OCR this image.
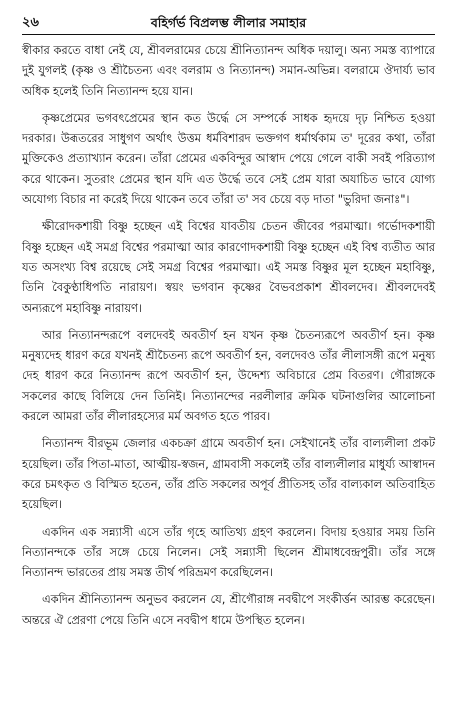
২৬	বহির্গর্ভ বিপ্রলম্ভ লীলার সমাহার

স্বীকার করতে বাধা নেই যে, শ্রীবলরামের চেয়ে শ্রীনিত্যানন্দ অধিক দয়ালু। অন্য সমস্ত ব্যাপারে দুই যুগলই (কৃষ্ণ ও শ্রীচৈতন্য এবং বলরাম ও নিত্যানন্দ) সমান-অভিন্ন। বলরামে ঔদার্য্য ভাব অধিক হলেই তিনি নিত্যানন্দ হয়ে যান।

কৃষ্ণপ্রেমের ভগবৎপ্রেমের স্থান কত উর্দ্ধে সে সম্পর্কে সাধক হৃদয়ে দৃঢ় নিশ্চিত হওয়া দরকার। উৰূতরের সাধুগণ অর্থাৎ উত্তম ধর্মবিশারদ ভক্তগণ ধর্মার্থকাম ত' দূরের কথা, তাঁরা মুক্তিকেও প্রত্যাখ্যান করেন। তাঁরা প্রেমের একবিন্দুর আস্বাদ পেয়ে গেলে বাকী সবই পরিত্যাগ করে থাকেন। সুতরাং প্রেমের স্থান যদি এত উর্দ্ধে তবে সেই প্রেম যারা অযাচিত ভাবে যোগ্য অযোগ্য বিচার না করেই দিয়ে থাকেন তবে তাঁরা ত' সব চেয়ে বড় দাতা "ভুরিদা জনাঃ"।

ক্ষীরোদকশায়ী বিষ্ণু হচ্ছেন এই বিশ্বের যাবতীয় চেতন জীবের পরমাত্মা। গর্ভোদকশায়ী বিষ্ণু হচ্ছেন এই সমগ্র বিশ্বের পরমাত্মা আর কারণোদকশায়ী বিষ্ণু হচ্ছেন এই বিশ্ব ব্যতীত আর যত অসংখ্য বিশ্ব রয়েছে সেই সমগ্র বিশ্বের পরমাত্মা। এই সমস্ত বিষ্ণুর মূল হচ্ছেন মহাবিষ্ণু, তিনি বৈকুণ্ঠাধিপতি নারায়ণ। স্বয়ং ভগবান কৃষ্ণের বৈভবপ্রকাশ শ্রীবলদেব। শ্রীবলদেবই অন্যরূপে মহাবিষ্ণু নারায়ণ।

আর নিত্যানন্দরূপে বলদেবই অবতীর্ণ হন যখন কৃষ্ণ চৈতন্যরূপে অবতীর্ণ হন। কৃষ্ণ মনুষ্যদেহ ধারণ করে যখনই শ্রীচৈতন্য রূপে অবতীর্ণ হন, বলদেবও তাঁর লীলাসঙ্গী রূপে মনুষ্য দেহ ধারণ করে নিত্যানন্দ রূপে অবতীর্ণ হন, উদ্দেশ্য অবিচারে প্রেম বিতরণ। গৌরাঙ্গকে সকলের কাছে বিলিয়ে দেন তিনিই। নিত্যানন্দের নরলীলার ক্রমিক ঘটনাগুলির আলোচনা করলে আমরা তাঁর লীলারহস্যের মর্ম অবগত হতে পারব।

নিত্যানন্দ বীরভূম জেলার একচক্রা গ্রামে অবতীর্ণ হন। সেইখানেই তাঁর বাল্যলীলা প্রকট হয়েছিল। তাঁর পিতা-মাতা, আত্মীয়-স্বজন, গ্রামবাসী সকলেই তাঁর বাল্যলীলার মাধুর্য্য আস্বাদন করে চমৎকৃত ও বিস্মিত হতেন, তাঁর প্রতি সকলের অপূর্ব প্রীতিসহ তাঁর বাল্যকাল অতিবাহিত হয়েছিল।

একদিন এক সন্ন্যাসী এসে তাঁর গৃহে আতিথ্য গ্রহণ করলেন। বিদায় হওয়ার সময় তিনি নিত্যানন্দকে তাঁর সঙ্গে চেয়ে নিলেন। সেই সন্ন্যাসী ছিলেন শ্রীমাধবেন্দ্রপুরী। তাঁর সঙ্গে নিত্যানন্দ ভারতের প্রায় সমস্ত তীর্থ পরিভ্রমণ করেছিলেন।

একদিন শ্রীনিত্যানন্দ অনুভব করলেন যে, শ্রীগৌরাঙ্গ নবদ্বীপে সংকীর্ত্তন আরম্ভ করেছেন। অন্তরে ঐ প্রেরণা পেয়ে তিনি এসে নবদ্বীপ ধামে উপস্থিত হলেন।
